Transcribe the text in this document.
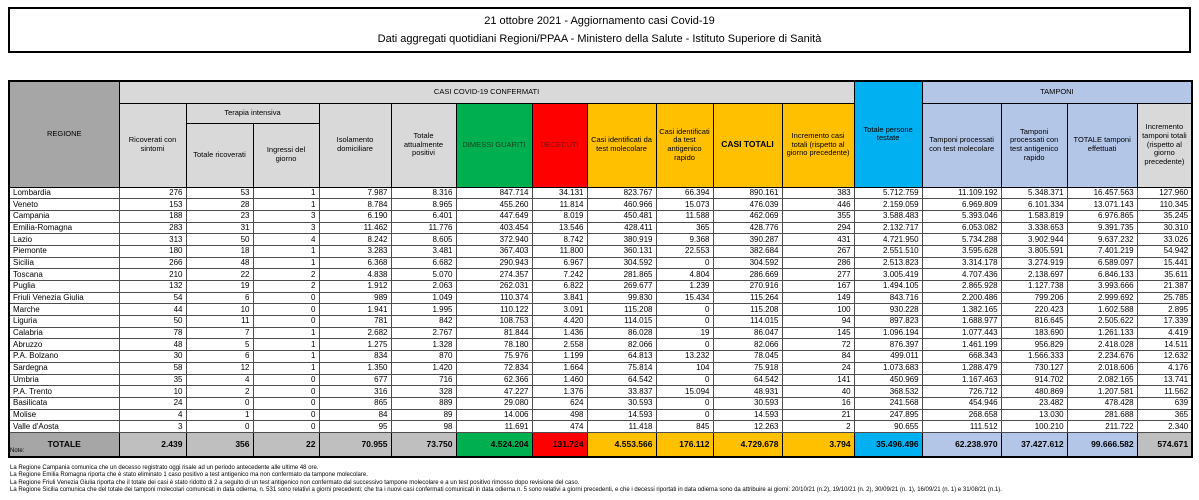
21 ottobre 2021 - Aggiornamento casi Covid-19
Dati aggregati quotidiani Regioni/PPAA - Ministero della Salute - Istituto Superiore di Sanità
REGIONE	CASI COVID-19 CONFERMATI											Totale persone testate	TAMPONI			
	Ricoverati con sintomi	Terapia intensiva		Isolamento domiciliare	Totale attualmente positivi	DIMESSI GUARITI	DECEDUTI	Casi identificati da test molecolare	Casi identificati da test antigenico rapido	CASI TOTALI	Incremento casi totali (rispetto al giorno precedente)		Tamponi processati con test molecolare	Tamponi processati con test antigenico rapido	TOTALE tamponi effettuati	Incremento tamponi totali (rispetto al giorno precedente)
		Totale ricoverati	Ingressi del giorno													
Lombardia	276	53	1	7.987	8.316	847.714	34.131	823.767	66.394	890.161	383	5.712.759	11.109.192	5.348.371	16.457.563	127.960
Veneto	153	28	1	8.784	8.965	455.260	11.814	460.966	15.073	476.039	446	2.159.059	6.969.809	6.101.334	13.071.143	110.345
Campania	188	23	3	6.190	6.401	447.649	8.019	450.481	11.588	462.069	355	3.588.483	5.393.046	1.583.819	6.976.865	35.245
Emilia-Romagna	283	31	3	11.462	11.776	403.454	13.546	428.411	365	428.776	294	2.132.717	6.053.082	3.338.653	9.391.735	30.310
Lazio	313	50	4	8.242	8.605	372.940	8.742	380.919	9.368	390.287	431	4.721.950	5.734.288	3.902.944	9.637.232	33.026
Piemonte	180	18	1	3.283	3.481	367.403	11.800	360.131	22.553	382.684	267	2.551.510	3.595.628	3.805.591	7.401.219	54.942
Sicilia	266	48	1	6.368	6.682	290.943	6.967	304.592	0	304.592	286	2.513.823	3.314.178	3.274.919	6.589.097	15.441
Toscana	210	22	2	4.838	5.070	274.357	7.242	281.865	4.804	286.669	277	3.005.419	4.707.436	2.138.697	6.846.133	35.611
Puglia	132	19	2	1.912	2.063	262.031	6.822	269.677	1.239	270.916	167	1.494.105	2.865.928	1.127.738	3.993.666	21.387
Friuli Venezia Giulia	54	6	0	989	1.049	110.374	3.841	99.830	15.434	115.264	149	843.716	2.200.486	799.206	2.999.692	25.785
Marche	44	10	0	1.941	1.995	110.122	3.091	115.208	0	115.208	100	930.228	1.382.165	220.423	1.602.588	2.895
Liguria	50	11	0	781	842	108.753	4.420	114.015	0	114.015	94	897.823	1.688.977	816.645	2.505.622	17.339
Calabria	78	7	1	2.682	2.767	81.844	1.436	86.028	19	86.047	145	1.096.194	1.077.443	183.690	1.261.133	4.419
Abruzzo	48	5	1	1.275	1.328	78.180	2.558	82.066	0	82.066	72	876.397	1.461.199	956.829	2.418.028	14.511
P.A. Bolzano	30	6	1	834	870	75.976	1.199	64.813	13.232	78.045	84	499.011	668.343	1.566.333	2.234.676	12.632
Sardegna	58	12	1	1.350	1.420	72.834	1.664	75.814	104	75.918	24	1.073.683	1.288.479	730.127	2.018.606	4.176
Umbria	35	4	0	677	716	62.366	1.460	64.542	0	64.542	141	450.969	1.167.463	914.702	2.082.165	13.741
P.A. Trento	10	2	0	316	328	47.227	1.376	33.837	15.094	48.931	40	368.532	726.712	480.869	1.207.581	11.562
Basilicata	24	0	0	865	889	29.080	624	30.593	0	30.593	16	241.568	454.946	23.482	478.428	639
Molise	4	1	0	84	89	14.006	498	14.593	0	14.593	21	247.895	268.658	13.030	281.688	365
Valle d'Aosta	3	0	0	95	98	11.691	474	11.418	845	12.263	2	90.655	111.512	100.210	211.722	2.340
TOTALE	2.439	356	22	70.955	73.750	4.524.204	131.724	4.553.566	176.112	4.729.678	3.794	35.496.496	62.238.970	37.427.612	99.666.582	574.671
Note:
La Regione Campania comunica che un decesso registrato oggi risale ad un periodo antecedente alle ultime 48 ore.
La Regione Emilia Romagna riporta che è stato eliminato 1 caso positivo a test antigenico ma non confermato da tampone molecolare.
La Regione Friuli Venezia Giulia riporta che il totale dei casi è stato ridotto di 2 a seguito di un test antigenico non confermato dal successivo tampone molecolare e a un test positivo rimosso dopo revisione del caso.
La Regione Sicilia comunica che del totale dei tamponi molecolari comunicati in data odierna, n. 531 sono relativi a giorni precedenti; che tra i nuovi casi confermati comunicati in data odierna n. 5 sono relativi a giorni precedenti, e che i decessi riportati in data odierna sono da attribuire ai giorni: 20/10/21 (n.2), 19/10/21 (n. 2), 30/09/21 (n. 1), 16/09/21 (n. 1) e 31/08/21 (n.1).
